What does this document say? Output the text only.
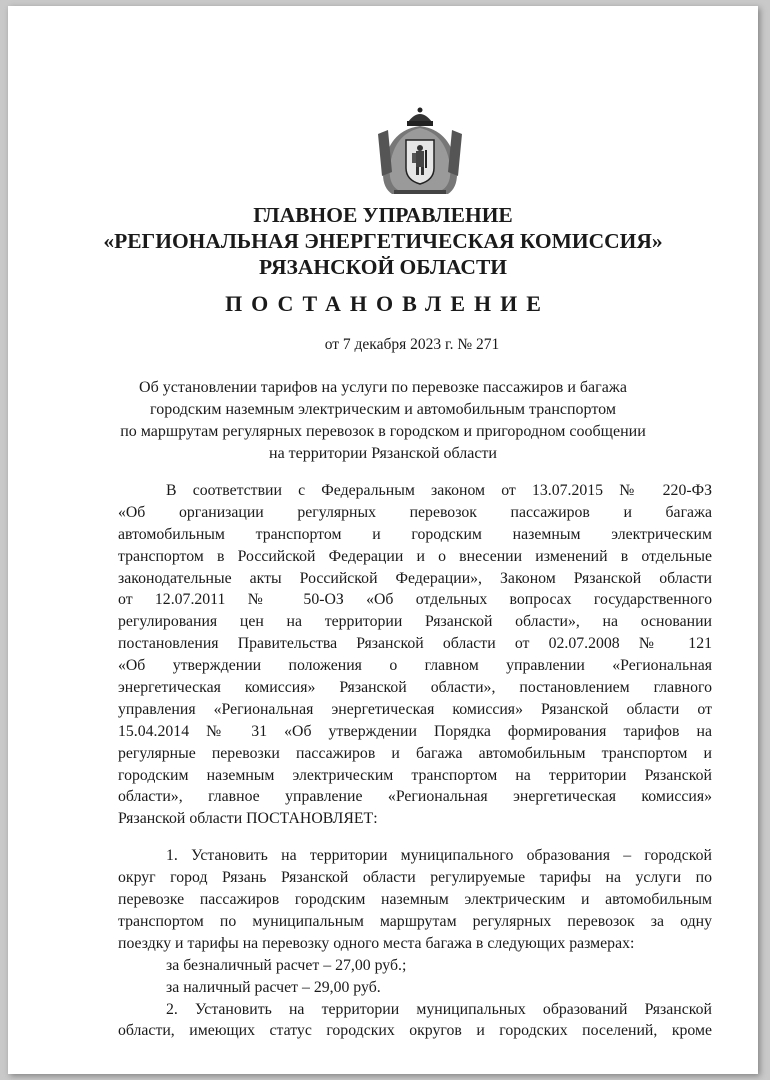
ГЛАВНОЕ УПРАВЛЕНИЕ
«РЕГИОНАЛЬНАЯ ЭНЕРГЕТИЧЕСКАЯ КОМИССИЯ»
РЯЗАНСКОЙ ОБЛАСТИ
ПОСТАНОВЛЕНИЕ
от 7 декабря 2023 г. № 271
Об установлении тарифов на услуги по перевозке пассажиров и багажа
городским наземным электрическим и автомобильным транспортом
по маршрутам регулярных перевозок в городском и пригородном сообщении
на территории Рязанской области
В соответствии с Федеральным законом от 13.07.2015 № 220-ФЗ
«Об организации регулярных перевозок пассажиров и багажа
автомобильным транспортом и городским наземным электрическим
транспортом в Российской Федерации и о внесении изменений в отдельные
законодательные акты Российской Федерации», Законом Рязанской области
от 12.07.2011 № 50-ОЗ «Об отдельных вопросах государственного
регулирования цен на территории Рязанской области», на основании
постановления Правительства Рязанской области от 02.07.2008 № 121
«Об утверждении положения о главном управлении «Региональная
энергетическая комиссия» Рязанской области», постановлением главного
управления «Региональная энергетическая комиссия» Рязанской области от
15.04.2014 № 31 «Об утверждении Порядка формирования тарифов на
регулярные перевозки пассажиров и багажа автомобильным транспортом и
городским наземным электрическим транспортом на территории Рязанской
области», главное управление «Региональная энергетическая комиссия»
Рязанской области ПОСТАНОВЛЯЕТ:
1. Установить на территории муниципального образования – городской
округ город Рязань Рязанской области регулируемые тарифы на услуги по
перевозке пассажиров городским наземным электрическим и автомобильным
транспортом по муниципальным маршрутам регулярных перевозок за одну
поездку и тарифы на перевозку одного места багажа в следующих размерах:
за безналичный расчет – 27,00 руб.;
за наличный расчет – 29,00 руб.
2. Установить на территории муниципальных образований Рязанской
области, имеющих статус городских округов и городских поселений, кроме
